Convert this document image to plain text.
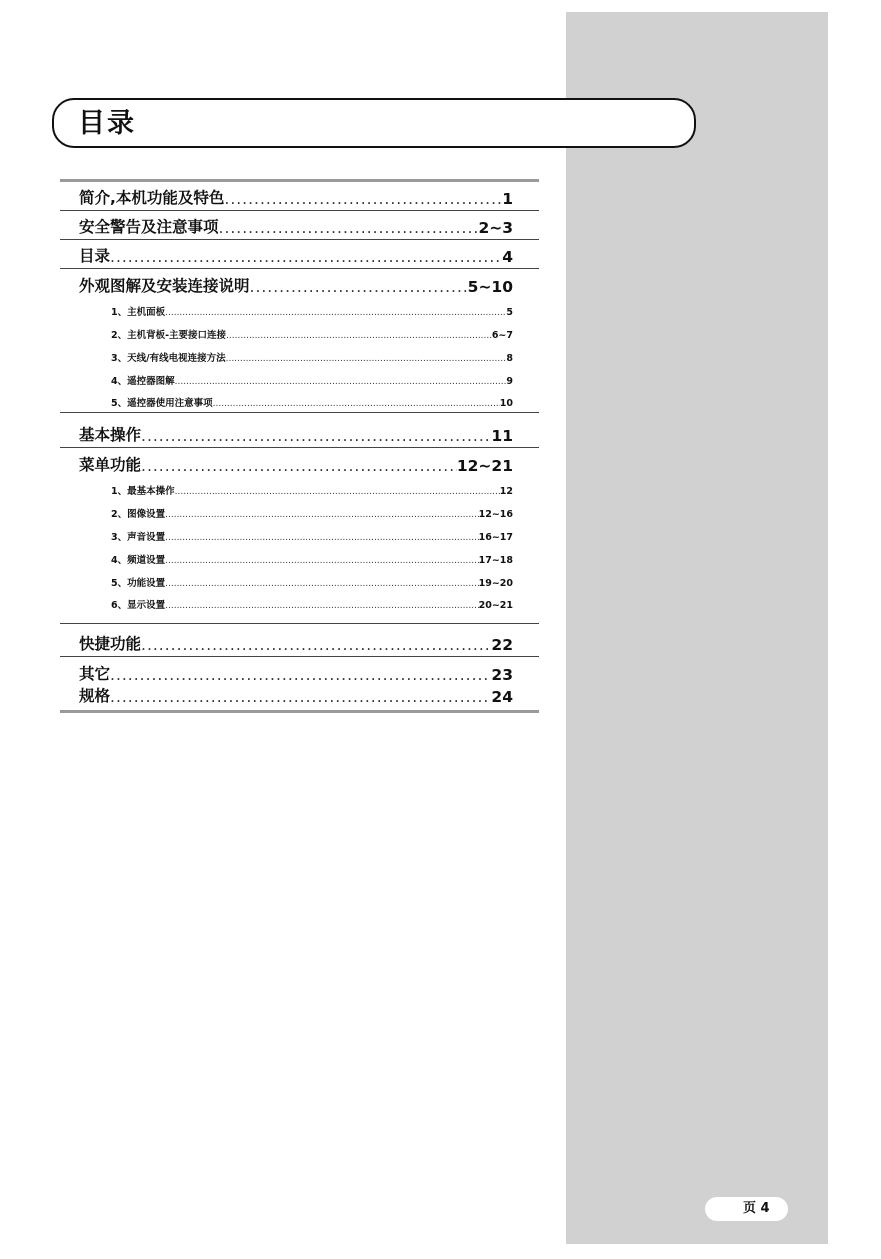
目录
简介,本机功能及特色 .....	1
安全警告及注意事项 .....	2~3
目录 .....	4
外观图解及安装连接说明 .....	5~10
1、主机面板 .....	5
2、主机背板-主要接口连接 .....	6~7
3、天线/有线电视连接方法 .....	8
4、遥控器图解 .....	9
5、遥控器使用注意事项 .....	10
基本操作 .....	11
菜单功能 .....	12~21
1、最基本操作 .....	12
2、图像设置 .....	12~16
3、声音设置 .....	16~17
4、频道设置 .....	17~18
5、功能设置 .....	19~20
6、显示设置 .....	20~21
快捷功能 .....	22
其它 .....	23
规格 .....	24
页 4
